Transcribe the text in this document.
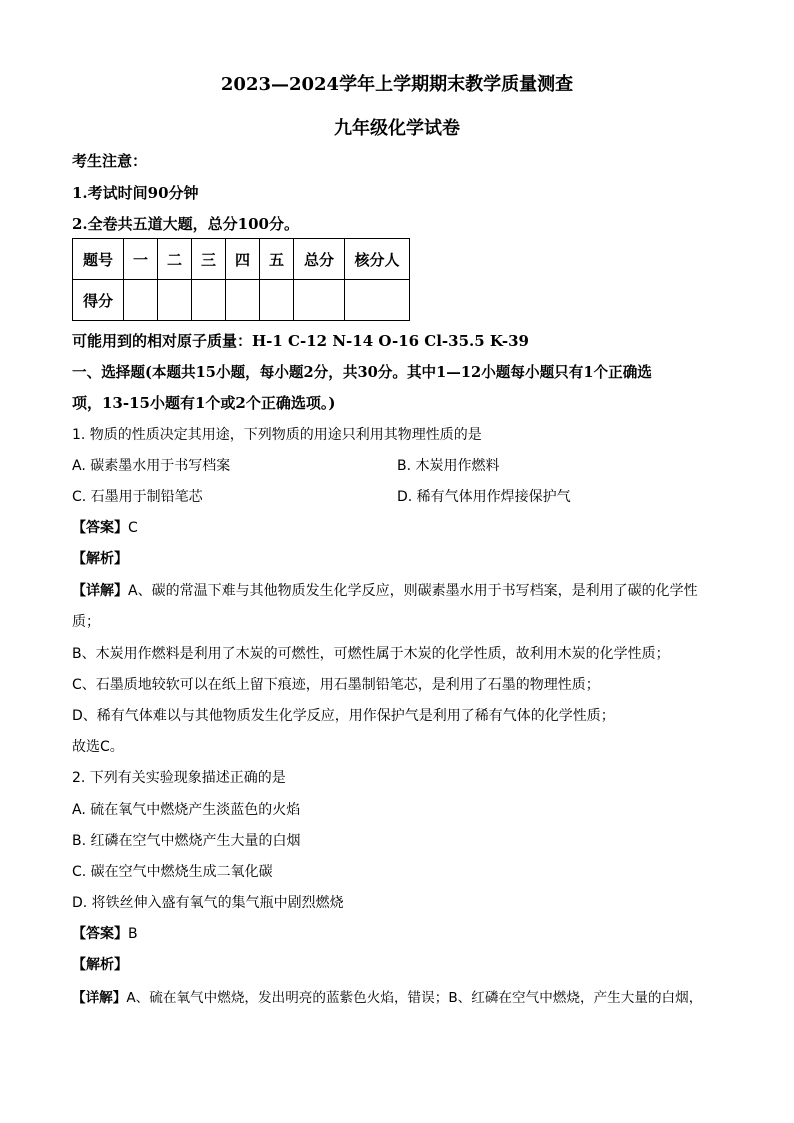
2023—2024学年上学期期末教学质量测查
九年级化学试卷
考生注意：
1.考试时间90分钟
2.全卷共五道大题，总分100分。
题号	一	二	三	四	五	总分	核分人
得分							
可能用到的相对原子质量：H-1 C-12 N-14 O-16 Cl-35.5 K-39
一、选择题(本题共15小题，每小题2分，共30分。其中1—12小题每小题只有1个正确选
项，13-15小题有1个或2个正确选项。)
1. 物质的性质决定其用途，下列物质的用途只利用其物理性质的是
A. 碳素墨水用于书写档案	B. 木炭用作燃料
C. 石墨用于制铅笔芯	D. 稀有气体用作焊接保护气
【答案】C
【解析】
【详解】A、碳的常温下难与其他物质发生化学反应，则碳素墨水用于书写档案，是利用了碳的化学性
质；
B、木炭用作燃料是利用了木炭的可燃性，可燃性属于木炭的化学性质，故利用木炭的化学性质；
C、石墨质地较软可以在纸上留下痕迹，用石墨制铅笔芯，是利用了石墨的物理性质；
D、稀有气体难以与其他物质发生化学反应，用作保护气是利用了稀有气体的化学性质；
故选C。
2. 下列有关实验现象描述正确的是
A. 硫在氧气中燃烧产生淡蓝色的火焰
B. 红磷在空气中燃烧产生大量的白烟
C. 碳在空气中燃烧生成二氧化碳
D. 将铁丝伸入盛有氧气的集气瓶中剧烈燃烧
【答案】B
【解析】
【详解】A、硫在氧气中燃烧，发出明亮的蓝紫色火焰，错误；B、红磷在空气中燃烧，产生大量的白烟，
